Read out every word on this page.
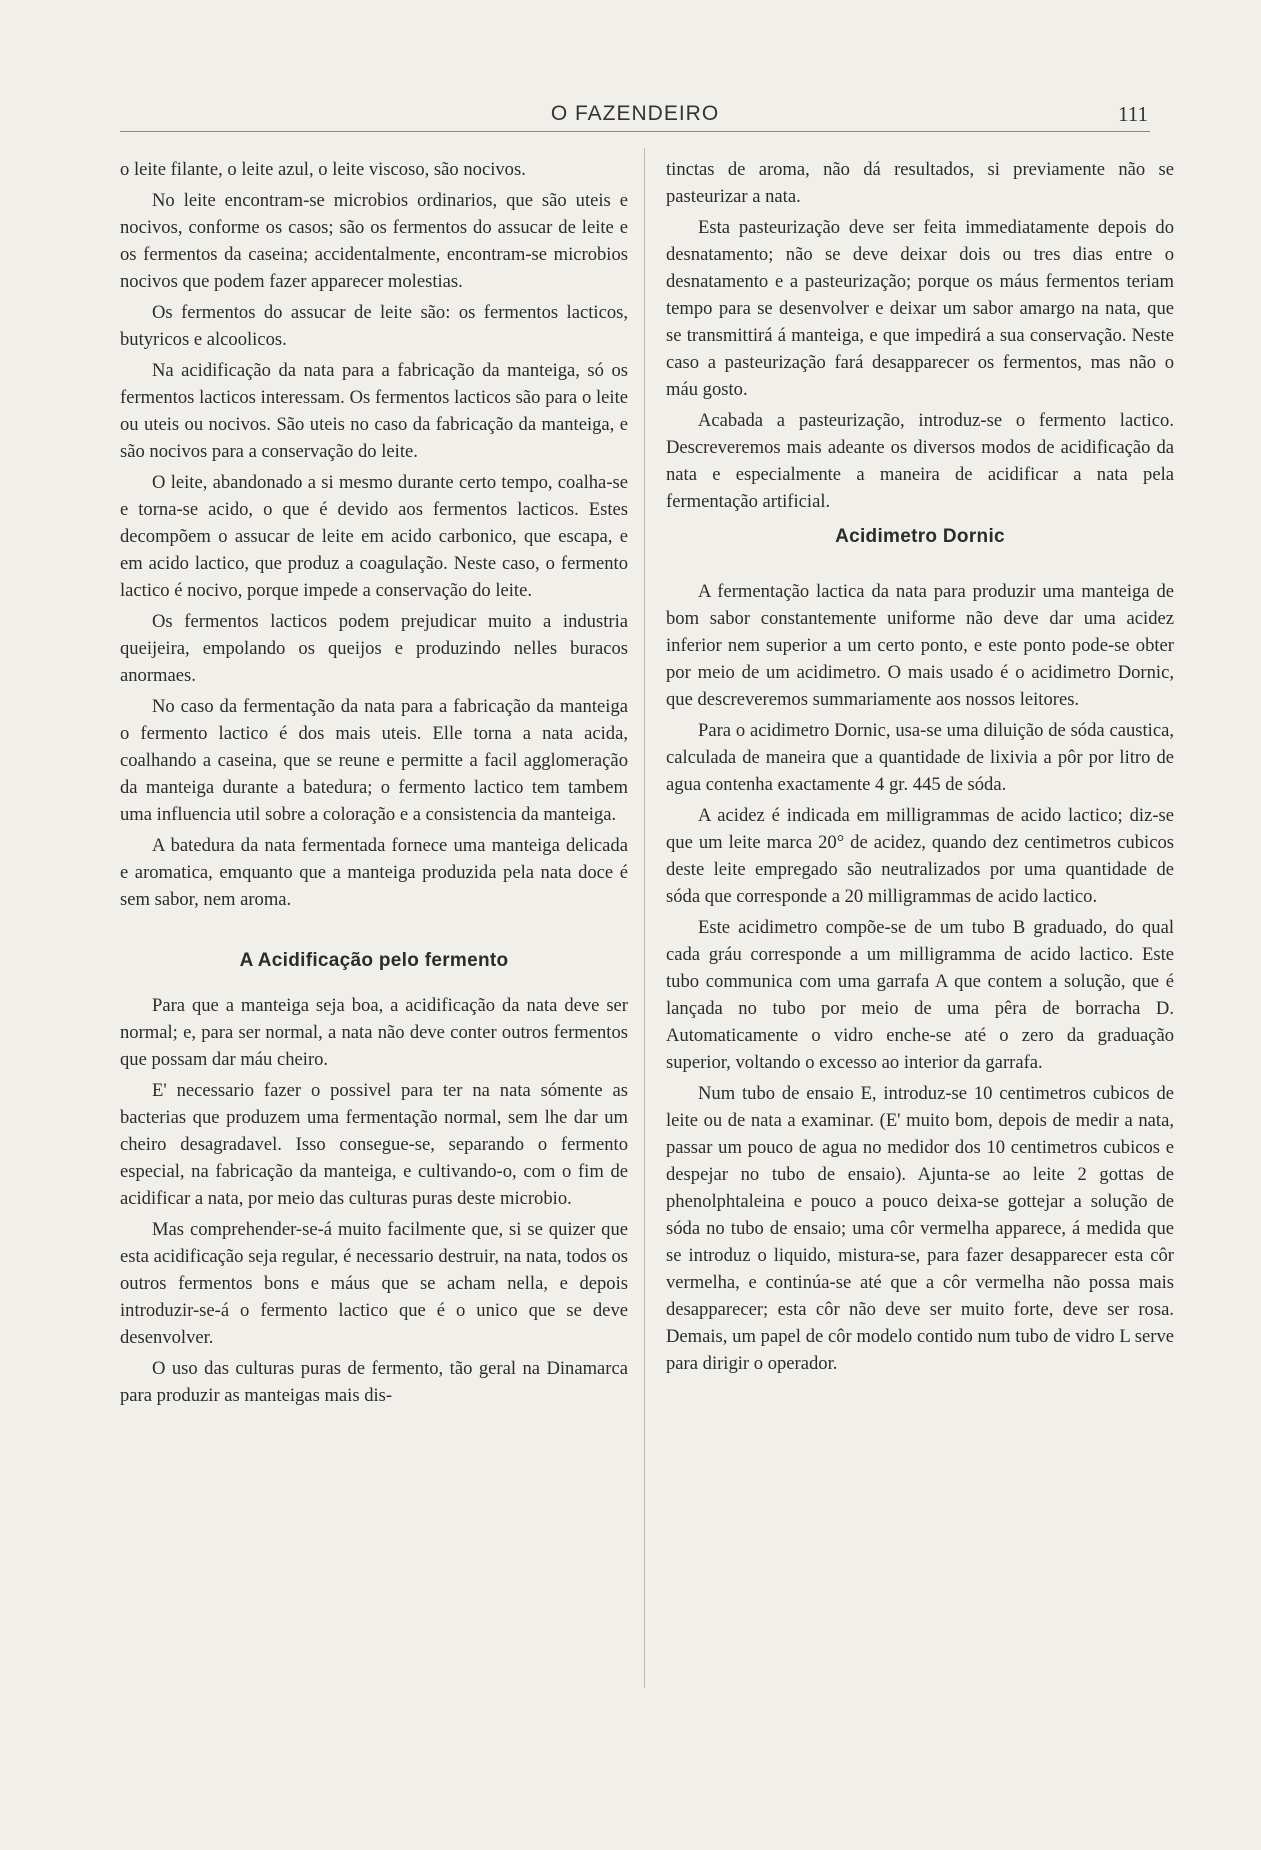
O FAZENDEIRO	111

o leite filante, o leite azul, o leite viscoso, são nocivos.

No leite encontram-se microbios ordinarios, que são uteis e nocivos, conforme os casos; são os fermentos do assucar de leite e os fermentos da caseina; accidentalmente, encontram-se microbios nocivos que podem fazer apparecer molestias.

Os fermentos do assucar de leite são: os fermentos lacticos, butyricos e alcoolicos.

Na acidificação da nata para a fabricação da manteiga, só os fermentos lacticos interessam. Os fermentos lacticos são para o leite ou uteis ou nocivos. São uteis no caso da fabricação da manteiga, e são nocivos para a conservação do leite.

O leite, abandonado a si mesmo durante certo tempo, coalha-se e torna-se acido, o que é devido aos fermentos lacticos. Estes decompõem o assucar de leite em acido carbonico, que escapa, e em acido lactico, que produz a coagulação. Neste caso, o fermento lactico é nocivo, porque impede a conservação do leite.

Os fermentos lacticos podem prejudicar muito a industria queijeira, empolando os queijos e produzindo nelles buracos anormaes.

No caso da fermentação da nata para a fabricação da manteiga o fermento lactico é dos mais uteis. Elle torna a nata acida, coalhando a caseina, que se reune e permitte a facil agglomeração da manteiga durante a batedura; o fermento lactico tem tambem uma influencia util sobre a coloração e a consistencia da manteiga.

A batedura da nata fermentada fornece uma manteiga delicada e aromatica, emquanto que a manteiga produzida pela nata doce é sem sabor, nem aroma.

A Acidificação pelo fermento

Para que a manteiga seja boa, a acidificação da nata deve ser normal; e, para ser normal, a nata não deve conter outros fermentos que possam dar máu cheiro.

E' necessario fazer o possivel para ter na nata sómente as bacterias que produzem uma fermentação normal, sem lhe dar um cheiro desagradavel. Isso consegue-se, separando o fermento especial, na fabricação da manteiga, e cultivando-o, com o fim de acidificar a nata, por meio das culturas puras deste microbio.

Mas comprehender-se-á muito facilmente que, si se quizer que esta acidificação seja regular, é necessario destruir, na nata, todos os outros fermentos bons e máus que se acham nella, e depois introduzir-se-á o fermento lactico que é o unico que se deve desenvolver.

O uso das culturas puras de fermento, tão geral na Dinamarca para produzir as manteigas mais dis-

tinctas de aroma, não dá resultados, si previamente não se pasteurizar a nata.

Esta pasteurização deve ser feita immediatamente depois do desnatamento; não se deve deixar dois ou tres dias entre o desnatamento e a pasteurização; porque os máus fermentos teriam tempo para se desenvolver e deixar um sabor amargo na nata, que se transmittirá á manteiga, e que impedirá a sua conservação. Neste caso a pasteurização fará desapparecer os fermentos, mas não o máu gosto.

Acabada a pasteurização, introduz-se o fermento lactico. Descreveremos mais adeante os diversos modos de acidificação da nata e especialmente a maneira de acidificar a nata pela fermentação artificial.

Acidimetro Dornic

A fermentação lactica da nata para produzir uma manteiga de bom sabor constantemente uniforme não deve dar uma acidez inferior nem superior a um certo ponto, e este ponto pode-se obter por meio de um acidimetro. O mais usado é o acidimetro Dornic, que descreveremos summariamente aos nossos leitores.

Para o acidimetro Dornic, usa-se uma diluição de sóda caustica, calculada de maneira que a quantidade de lixivia a pôr por litro de agua contenha exactamente 4 gr. 445 de sóda.

A acidez é indicada em milligrammas de acido lactico; diz-se que um leite marca 20° de acidez, quando dez centimetros cubicos deste leite empregado são neutralizados por uma quantidade de sóda que corresponde a 20 milligrammas de acido lactico.

Este acidimetro compõe-se de um tubo B graduado, do qual cada gráu corresponde a um milligramma de acido lactico. Este tubo communica com uma garrafa A que contem a solução, que é lançada no tubo por meio de uma pêra de borracha D. Automaticamente o vidro enche-se até o zero da graduação superior, voltando o excesso ao interior da garrafa.

Num tubo de ensaio E, introduz-se 10 centimetros cubicos de leite ou de nata a examinar. (E' muito bom, depois de medir a nata, passar um pouco de agua no medidor dos 10 centimetros cubicos e despejar no tubo de ensaio). Ajunta-se ao leite 2 gottas de phenolphtaleina e pouco a pouco deixa-se gottejar a solução de sóda no tubo de ensaio; uma côr vermelha apparece, á medida que se introduz o liquido, mistura-se, para fazer desapparecer esta côr vermelha, e continúa-se até que a côr vermelha não possa mais desapparecer; esta côr não deve ser muito forte, deve ser rosa. Demais, um papel de côr modelo contido num tubo de vidro L serve para dirigir o operador.
